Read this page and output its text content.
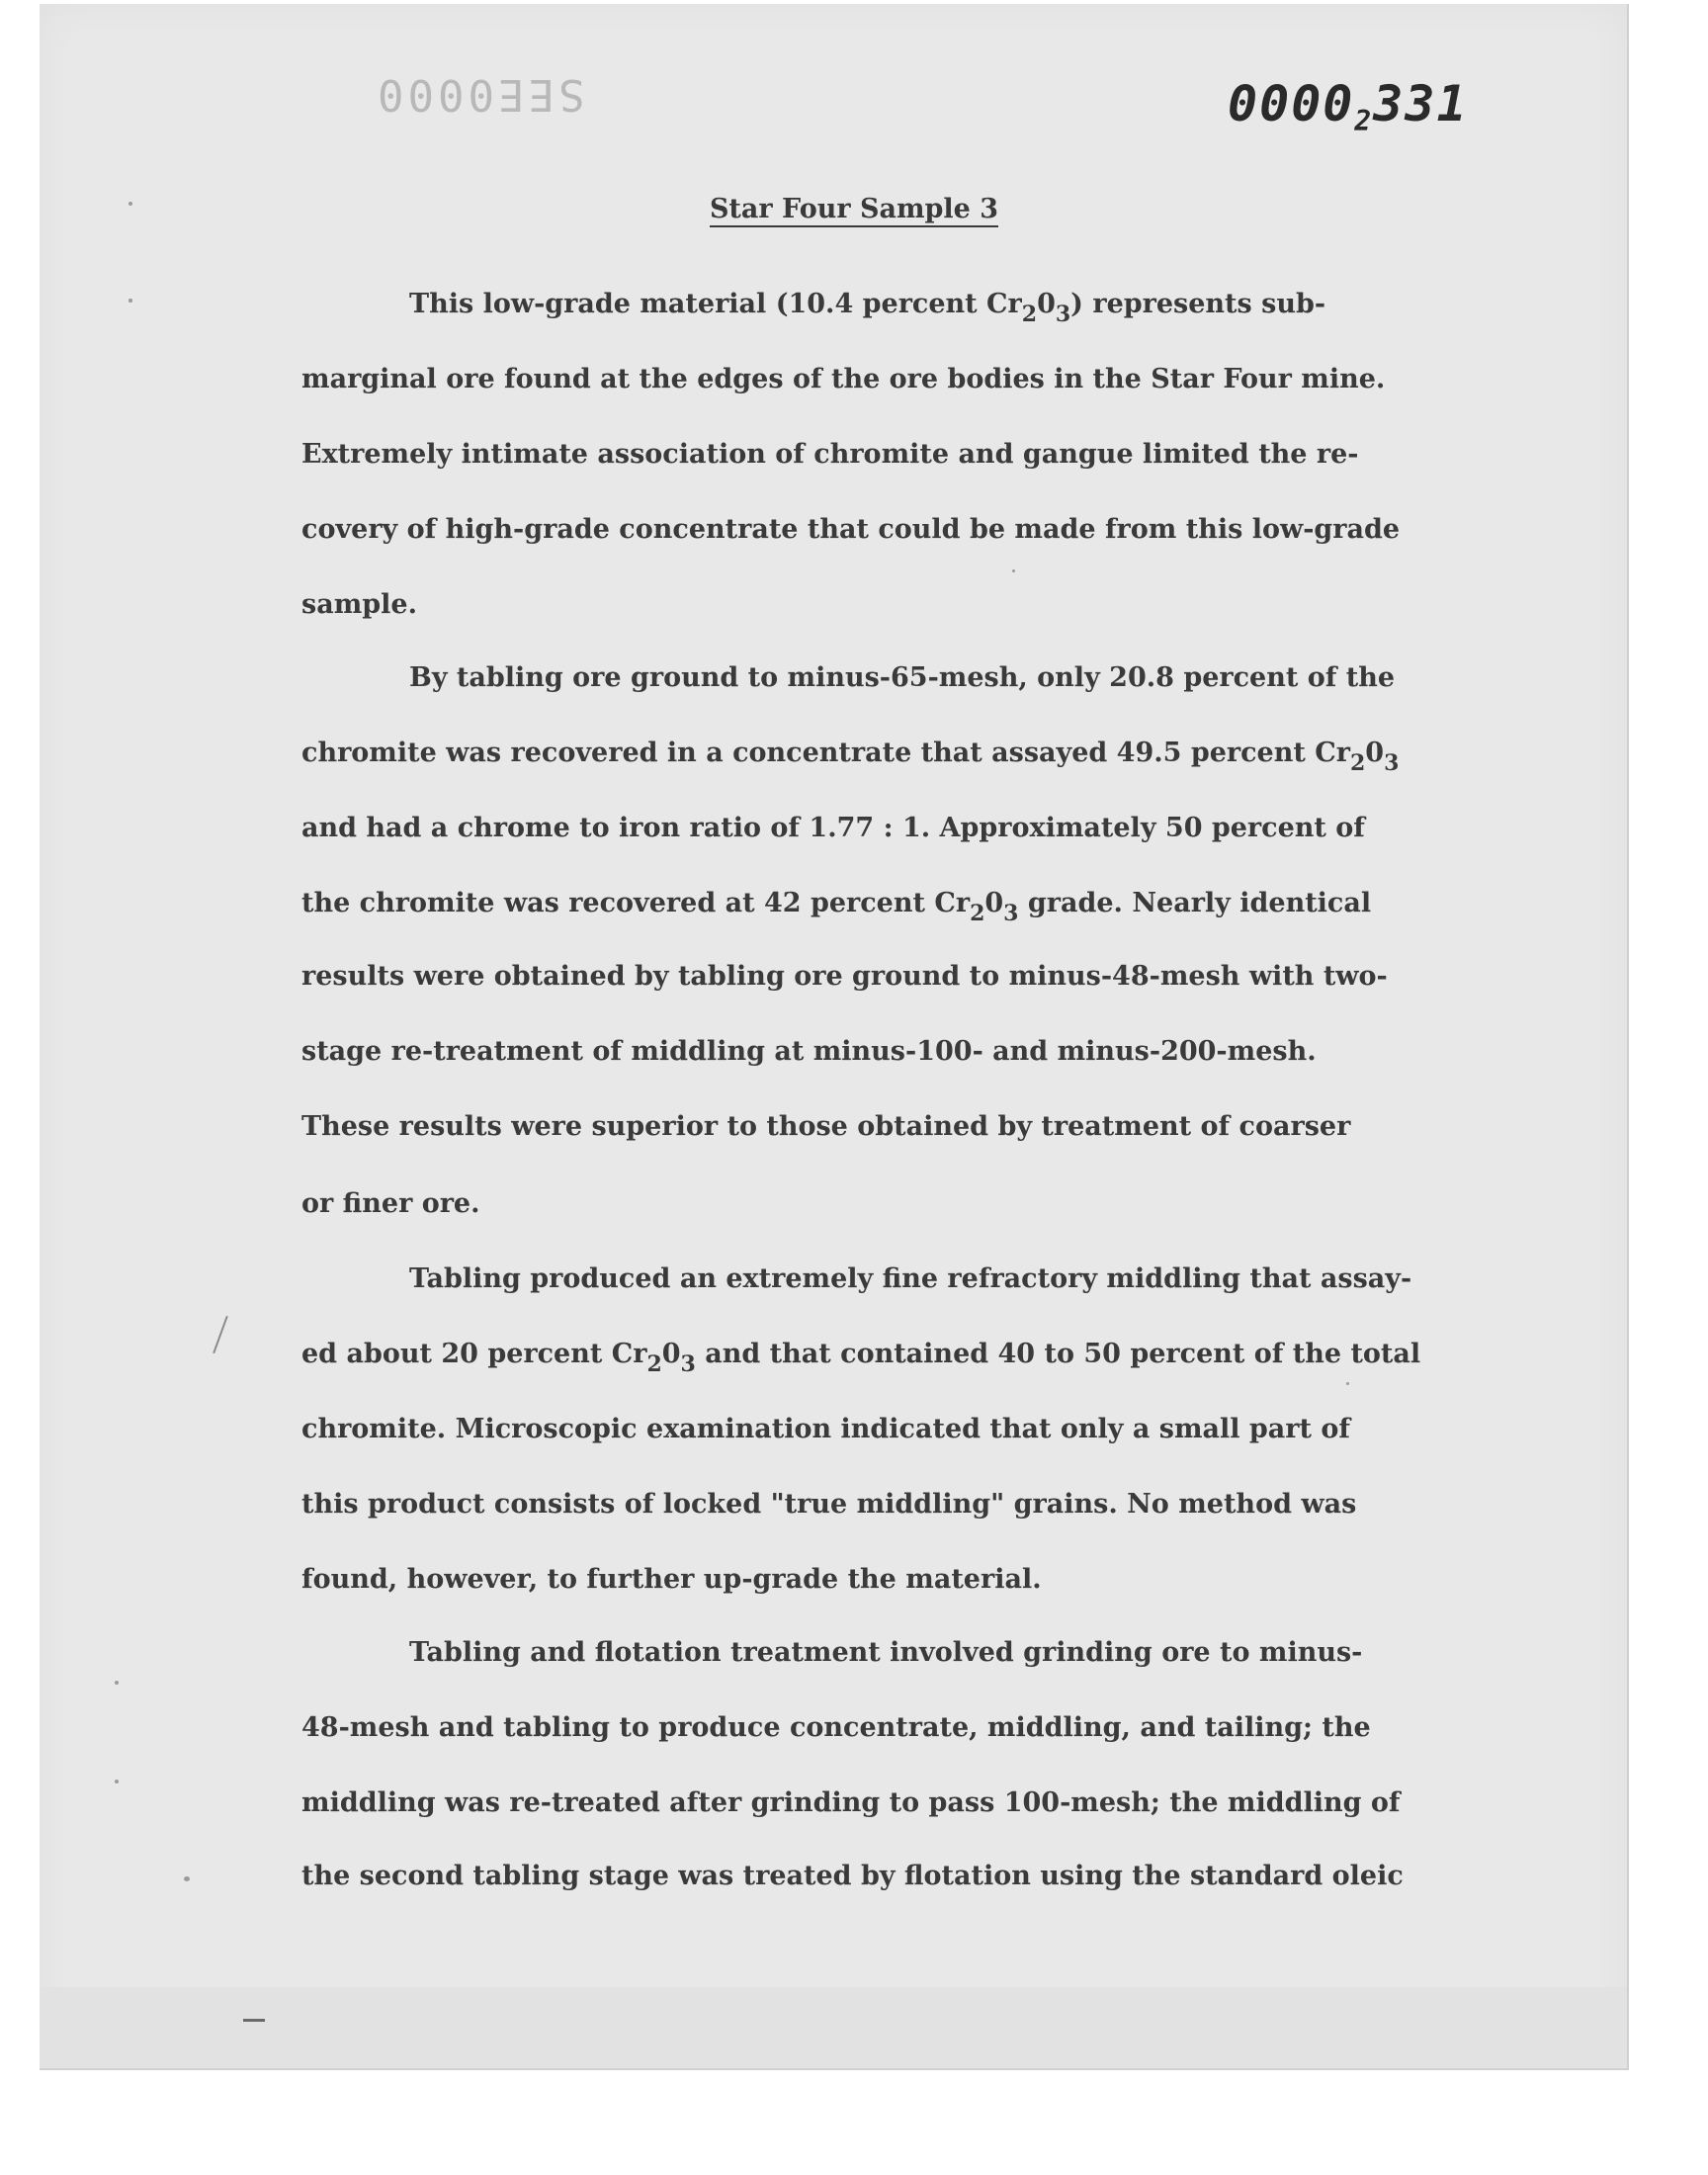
SEE0000	$0000_2331$
Star Four Sample 3
This low-grade material (10.4 percent $Cr_20_3$) represents sub-
marginal ore found at the edges of the ore bodies in the Star Four mine.
Extremely intimate association of chromite and gangue limited the re-
covery of high-grade concentrate that could be made from this low-grade
sample.
By tabling ore ground to minus-65-mesh, only 20.8 percent of the
chromite was recovered in a concentrate that assayed 49.5 percent $Cr_20_3$
and had a chrome to iron ratio of 1.77 : 1. Approximately 50 percent of
the chromite was recovered at 42 percent $Cr_20_3$ grade. Nearly identical
results were obtained by tabling ore ground to minus-48-mesh with two-
stage re-treatment of middling at minus-100- and minus-200-mesh.
These results were superior to those obtained by treatment of coarser
or finer ore.
Tabling produced an extremely fine refractory middling that assay-
ed about 20 percent $Cr_20_3$ and that contained 40 to 50 percent of the total
chromite. Microscopic examination indicated that only a small part of
this product consists of locked "true middling" grains. No method was
found, however, to further up-grade the material.
Tabling and flotation treatment involved grinding ore to minus-
48-mesh and tabling to produce concentrate, middling, and tailing; the
middling was re-treated after grinding to pass 100-mesh; the middling of
the second tabling stage was treated by flotation using the standard oleic
